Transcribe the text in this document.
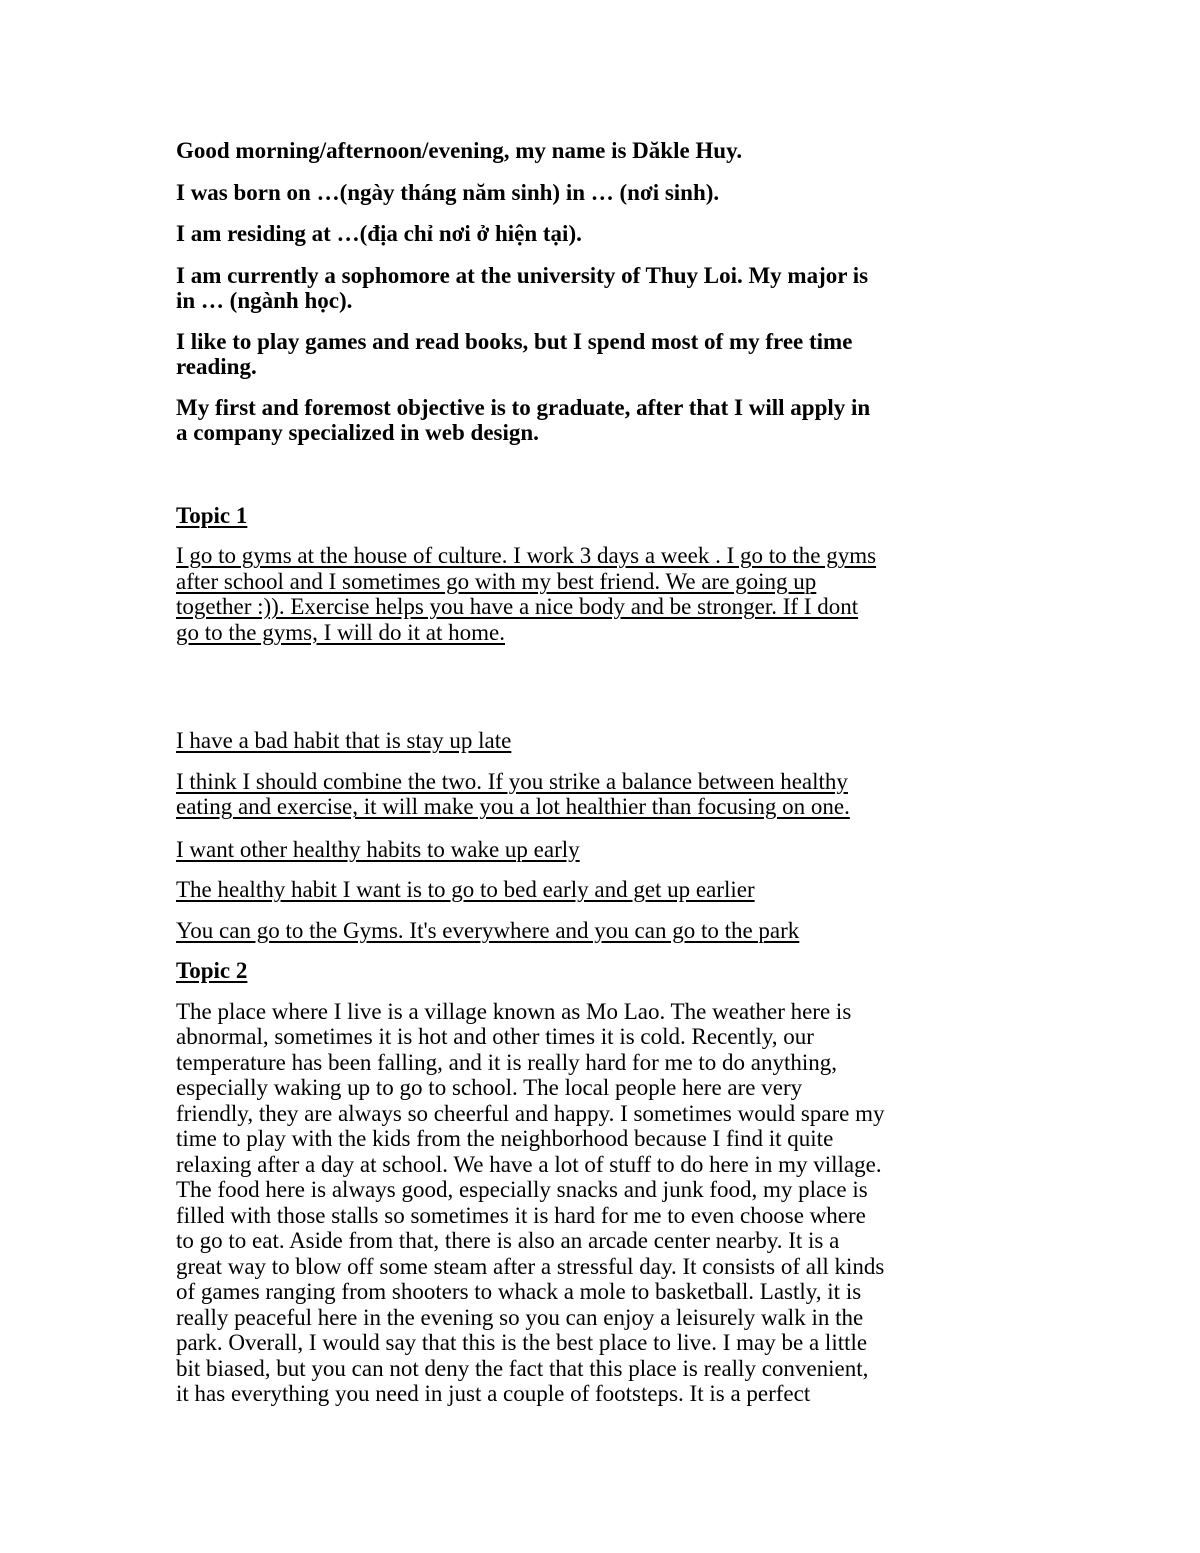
Good morning/afternoon/evening, my name is Dăkle Huy.

I was born on …(ngày tháng năm sinh) in … (nơi sinh).

I am residing at …(địa chỉ nơi ở hiện tại).

I am currently a sophomore at the university of Thuy Loi. My major is
in … (ngành học).

I like to play games and read books, but I spend most of my free time
reading.

My first and foremost objective is to graduate, after that I will apply in
a company specialized in web design.

Topic 1

I go to gyms at the house of culture. I work 3 days a week . I go to the gyms
after school and I sometimes go with my best friend. We are going up
together :)). Exercise helps you have a nice body and be stronger. If I dont
go to the gyms, I will do it at home.

I have a bad habit that is stay up late

I think I should combine the two. If you strike a balance between healthy
eating and exercise, it will make you a lot healthier than focusing on one.

I want other healthy habits to wake up early

The healthy habit I want is to go to bed early and get up earlier

You can go to the Gyms. It's everywhere and you can go to the park

Topic 2

The place where I live is a village known as Mo Lao. The weather here is
abnormal, sometimes it is hot and other times it is cold. Recently, our
temperature has been falling, and it is really hard for me to do anything,
especially waking up to go to school. The local people here are very
friendly, they are always so cheerful and happy. I sometimes would spare my
time to play with the kids from the neighborhood because I find it quite
relaxing after a day at school. We have a lot of stuff to do here in my village.
The food here is always good, especially snacks and junk food, my place is
filled with those stalls so sometimes it is hard for me to even choose where
to go to eat. Aside from that, there is also an arcade center nearby. It is a
great way to blow off some steam after a stressful day. It consists of all kinds
of games ranging from shooters to whack a mole to basketball. Lastly, it is
really peaceful here in the evening so you can enjoy a leisurely walk in the
park. Overall, I would say that this is the best place to live. I may be a little
bit biased, but you can not deny the fact that this place is really convenient,
it has everything you need in just a couple of footsteps. It is a perfect
